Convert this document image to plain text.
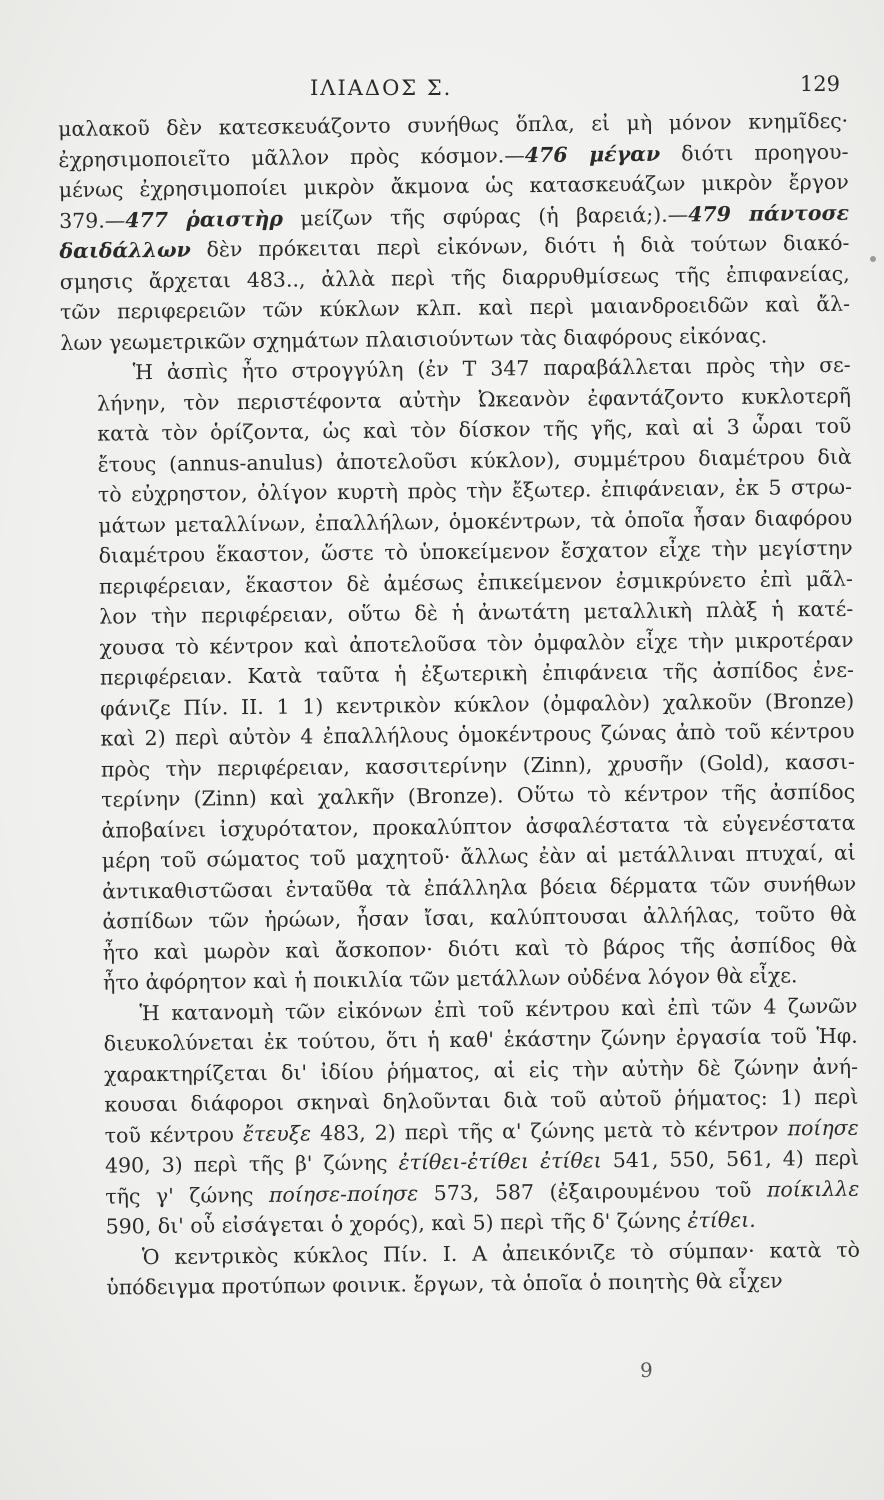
ΙΛΙΑΔΟΣ Σ.	129
μαλακοῦ δὲν κατεσκευάζοντο συνήθως ὅπλα, εἰ μὴ μόνον κνημῖδες·
ἐχρησιμοποιεῖτο μᾶλλον πρὸς κόσμον.—476 μέγαν διότι προηγου-
μένως ἐχρησιμοποίει μικρὸν ἄκμονα ὡς κατασκευάζων μικρὸν ἔργον
379.—477 ῥαιστὴρ μείζων τῆς σφύρας (ἡ βαρειά;).—479 πάντοσε
δαιδάλλων δὲν πρόκειται περὶ εἰκόνων, διότι ἡ διὰ τούτων διακό-
σμησις ἄρχεται 483.., ἀλλὰ περὶ τῆς διαρρυθμίσεως τῆς ἐπιφανείας,
τῶν περιφερειῶν τῶν κύκλων κλπ. καὶ περὶ μαιανδροειδῶν καὶ ἄλ-
λων γεωμετρικῶν σχημάτων πλαισιούντων τὰς διαφόρους εἰκόνας.
Ἡ ἀσπὶς ἦτο στρογγύλη (ἐν Τ 347 παραβάλλεται πρὸς τὴν σε-
λήνην, τὸν περιστέφοντα αὐτὴν Ὠκεανὸν ἐφαντάζοντο κυκλοτερῆ
κατὰ τὸν ὁρίζοντα, ὡς καὶ τὸν δίσκον τῆς γῆς, καὶ αἱ 3 ὧραι τοῦ
ἔτους (annus-anulus) ἀποτελοῦσι κύκλον), συμμέτρου διαμέτρου διὰ
τὸ εὐχρηστον, ὀλίγον κυρτὴ πρὸς τὴν ἔξωτερ. ἐπιφάνειαν, ἐκ 5 στρω-
μάτων μεταλλίνων, ἐπαλλήλων, ὁμοκέντρων, τὰ ὁποῖα ἦσαν διαφόρου
διαμέτρου ἕκαστον, ὥστε τὸ ὑποκείμενον ἔσχατον εἶχε τὴν μεγίστην
περιφέρειαν, ἕκαστον δὲ ἀμέσως ἐπικείμενον ἐσμικρύνετο ἐπὶ μᾶλ-
λον τὴν περιφέρειαν, οὕτω δὲ ἡ ἀνωτάτη μεταλλικὴ πλὰξ ἡ κατέ-
χουσα τὸ κέντρον καὶ ἀποτελοῦσα τὸν ὀμφαλὸν εἶχε τὴν μικροτέραν
περιφέρειαν. Κατὰ ταῦτα ἡ ἐξωτερικὴ ἐπιφάνεια τῆς ἀσπίδος ἐνε-
φάνιζε Πίν. II. 1 1) κεντρικὸν κύκλον (ὀμφαλὸν) χαλκοῦν (Bronze)
καὶ 2) περὶ αὐτὸν 4 ἐπαλλήλους ὁμοκέντρους ζώνας ἀπὸ τοῦ κέντρου
πρὸς τὴν περιφέρειαν, κασσιτερίνην (Zinn), χρυσῆν (Gold), κασσι-
τερίνην (Zinn) καὶ χαλκῆν (Bronze). Οὕτω τὸ κέντρον τῆς ἀσπίδος
ἀποβαίνει ἰσχυρότατον, προκαλύπτον ἀσφαλέστατα τὰ εὐγενέστατα
μέρη τοῦ σώματος τοῦ μαχητοῦ· ἄλλως ἐὰν αἱ μετάλλιναι πτυχαί, αἱ
ἀντικαθιστῶσαι ἐνταῦθα τὰ ἐπάλληλα βόεια δέρματα τῶν συνήθων
ἀσπίδων τῶν ἡρώων, ἦσαν ἴσαι, καλύπτουσαι ἀλλήλας, τοῦτο θὰ
ἦτο καὶ μωρὸν καὶ ἄσκοπον· διότι καὶ τὸ βάρος τῆς ἀσπίδος θὰ
ἦτο ἀφόρητον καὶ ἡ ποικιλία τῶν μετάλλων οὐδένα λόγον θὰ εἶχε.
Ἡ κατανομὴ τῶν εἰκόνων ἐπὶ τοῦ κέντρου καὶ ἐπὶ τῶν 4 ζωνῶν
διευκολύνεται ἐκ τούτου, ὅτι ἡ καθ' ἑκάστην ζώνην ἐργασία τοῦ Ἡφ.
χαρακτηρίζεται δι' ἰδίου ῥήματος, αἱ εἰς τὴν αὐτὴν δὲ ζώνην ἀνή-
κουσαι διάφοροι σκηναὶ δηλοῦνται διὰ τοῦ αὐτοῦ ῥήματος: 1) περὶ
τοῦ κέντρου ἔτευξε 483, 2) περὶ τῆς α' ζώνης μετὰ τὸ κέντρον ποίησε
490, 3) περὶ τῆς β' ζώνης ἐτίθει-ἐτίθει ἐτίθει 541, 550, 561, 4) περὶ
τῆς γ' ζώνης ποίησε-ποίησε 573, 587 (ἐξαιρουμένου τοῦ ποίκιλλε
590, δι' οὗ εἰσάγεται ὁ χορός), καὶ 5) περὶ τῆς δ' ζώνης ἐτίθει.
Ὁ κεντρικὸς κύκλος Πίν. I. A ἀπεικόνιζε τὸ σύμπαν· κατὰ τὸ
ὑπόδειγμα προτύπων φοινικ. ἔργων, τὰ ὁποῖα ὁ ποιητὴς θὰ εἶχεν
9
